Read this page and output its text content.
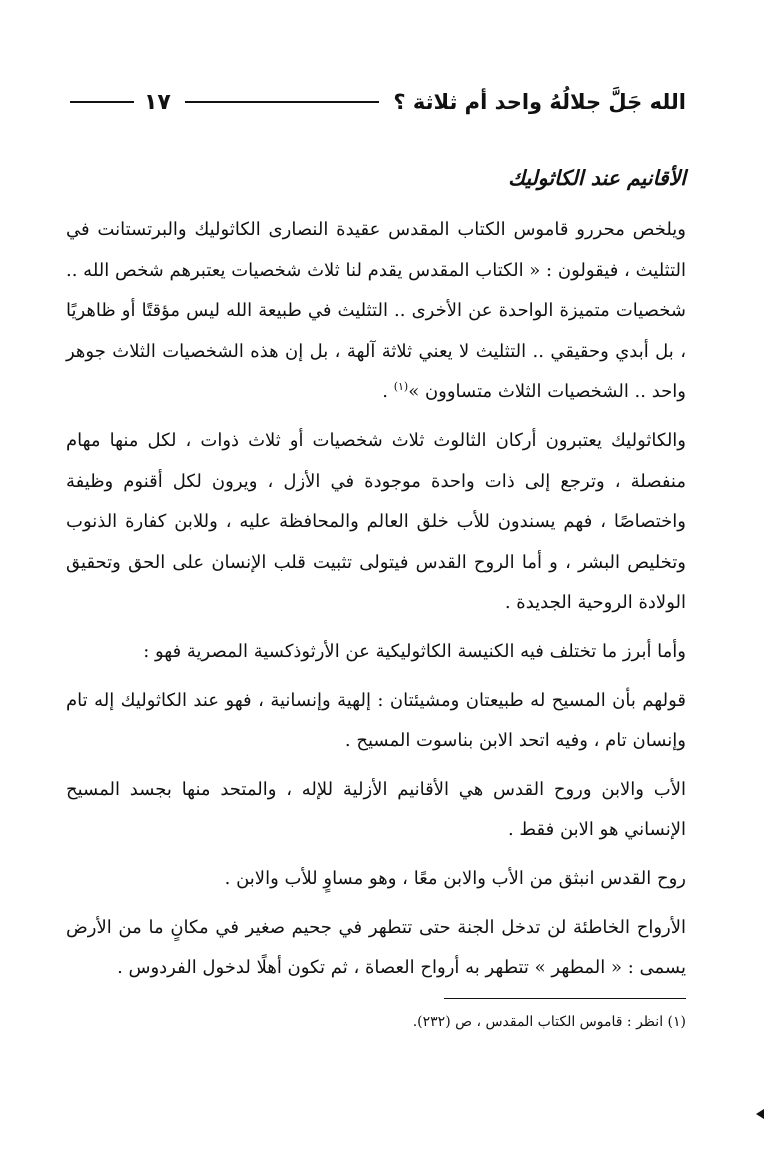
الله جَلَّ جلالُهُ واحد أم ثلاثة ؟
١٧
الأقانيم عند الكاثوليك

ويلخص محررو قاموس الكتاب المقدس عقيدة النصارى الكاثوليك والبرتستانت في التثليث ، فيقولون : « الكتاب المقدس يقدم لنا ثلاث شخصيات يعتبرهم شخص الله .. شخصيات متميزة الواحدة عن الأخرى .. التثليث في طبيعة الله ليس مؤقتًا أو ظاهريًا ، بل أبدي وحقيقي .. التثليث لا يعني ثلاثة آلهة ، بل إن هذه الشخصيات الثلاث جوهر واحد .. الشخصيات الثلاث متساوون »$^{(١)}$ .

والكاثوليك يعتبرون أركان الثالوث ثلاث شخصيات أو ثلاث ذوات ، لكل منها مهام منفصلة ، وترجع إلى ذات واحدة موجودة في الأزل ، ويرون لكل أقنوم وظيفة واختصاصًا ، فهم يسندون للأب خلق العالم والمحافظة عليه ، وللابن كفارة الذنوب وتخليص البشر ، و أما الروح القدس فيتولى تثبيت قلب الإنسان على الحق وتحقيق الولادة الروحية الجديدة .

وأما أبرز ما تختلف فيه الكنيسة الكاثوليكية عن الأرثوذكسية المصرية فهو :

قولهم بأن المسيح له طبيعتان ومشيئتان : إلهية وإنسانية ، فهو عند الكاثوليك إله تام وإنسان تام ، وفيه اتحد الابن بناسوت المسيح .

الأب والابن وروح القدس هي الأقانيم الأزلية للإله ، والمتحد منها بجسد المسيح الإنساني هو الابن فقط .

روح القدس انبثق من الأب والابن معًا ، وهو مساوٍ للأب والابن .

الأرواح الخاطئة لن تدخل الجنة حتى تتطهر في جحيم صغير في مكانٍ ما من الأرض يسمى : « المطهر » تتطهر به أرواح العصاة ، ثم تكون أهلًا لدخول الفردوس .

(١) انظر : قاموس الكتاب المقدس ، ص (٢٣٢).
